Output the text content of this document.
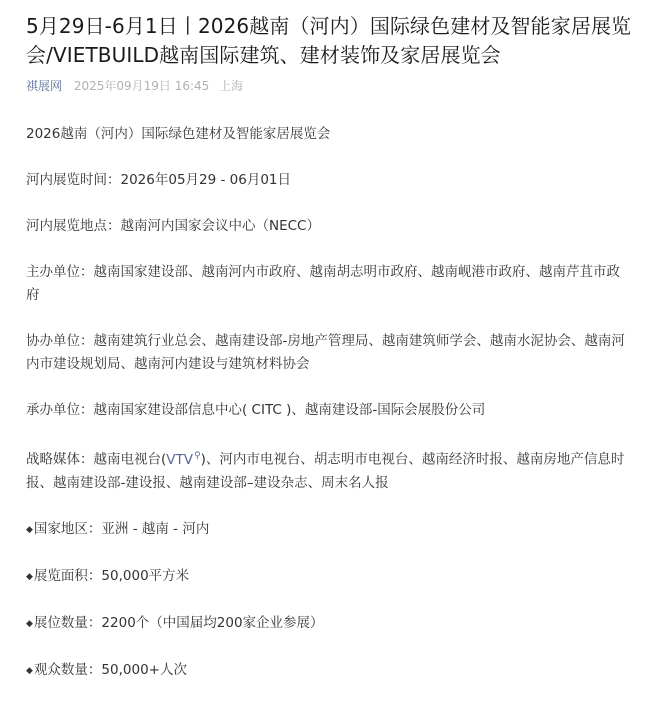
5月29日-6月1日丨2026越南（河内）国际绿色建材及智能家居展览会/VIETBUILD越南国际建筑、建材装饰及家居展览会
祺展网 2025年09月19日 16:45 上海

2026越南（河内）国际绿色建材及智能家居展览会

河内展览时间：2026年05月29 - 06月01日

河内展览地点：越南河内国家会议中心（NECC）

主办单位：越南国家建设部、越南河内市政府、越南胡志明市政府、越南岘港市政府、越南芹苴市政府

协办单位：越南建筑行业总会、越南建设部-房地产管理局、越南建筑师学会、越南水泥协会、越南河内市建设规划局、越南河内建设与建筑材料协会

承办单位：越南国家建设部信息中心( CITC )、越南建设部-国际会展股份公司

战略媒体：越南电视台(VTV⚲)、河内市电视台、胡志明市电视台、越南经济时报、越南房地产信息时报、越南建设部-建设报、越南建设部–建设杂志、周末名人报

◆国家地区：亚洲 - 越南 - 河内

◆展览面积：50,000平方米

◆展位数量：2200个（中国届均200家企业参展）

◆观众数量：50,000+人次
